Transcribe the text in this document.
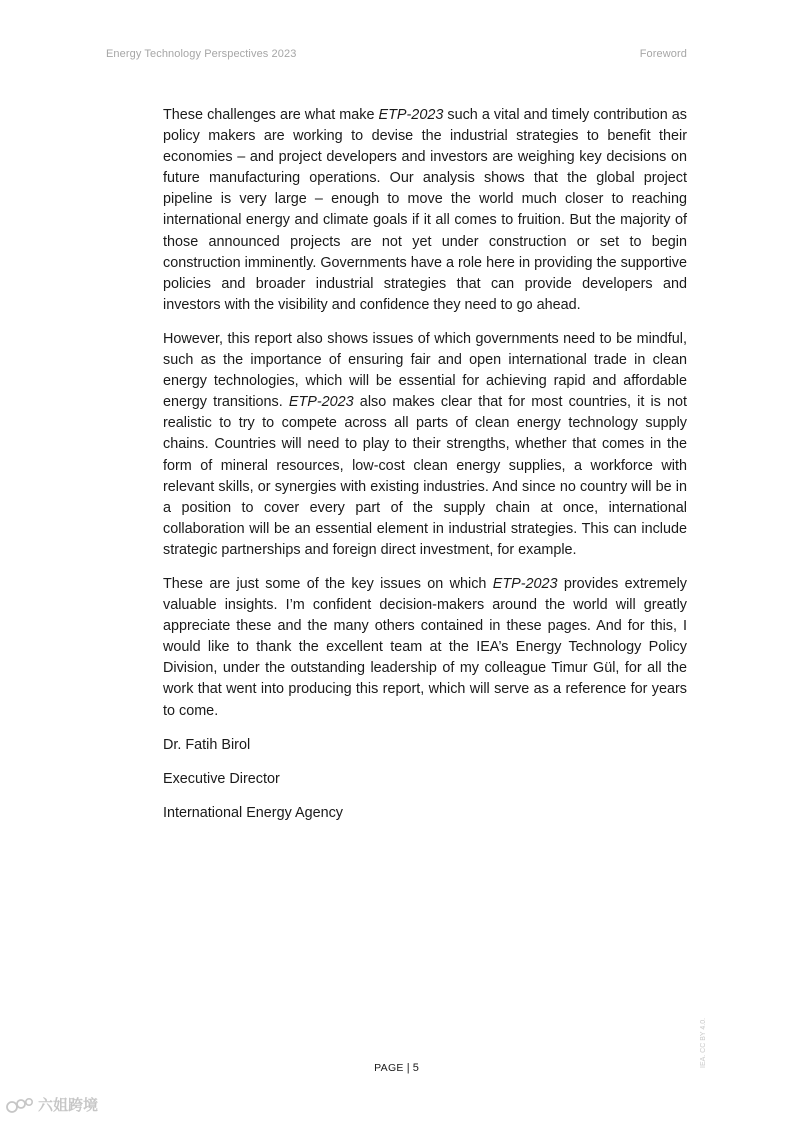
Energy Technology Perspectives 2023	Foreword

These challenges are what make ETP-2023 such a vital and timely contribution as policy makers are working to devise the industrial strategies to benefit their economies – and project developers and investors are weighing key decisions on future manufacturing operations. Our analysis shows that the global project pipeline is very large – enough to move the world much closer to reaching international energy and climate goals if it all comes to fruition. But the majority of those announced projects are not yet under construction or set to begin construction imminently. Governments have a role here in providing the supportive policies and broader industrial strategies that can provide developers and investors with the visibility and confidence they need to go ahead.

However, this report also shows issues of which governments need to be mindful, such as the importance of ensuring fair and open international trade in clean energy technologies, which will be essential for achieving rapid and affordable energy transitions. ETP-2023 also makes clear that for most countries, it is not realistic to try to compete across all parts of clean energy technology supply chains. Countries will need to play to their strengths, whether that comes in the form of mineral resources, low-cost clean energy supplies, a workforce with relevant skills, or synergies with existing industries. And since no country will be in a position to cover every part of the supply chain at once, international collaboration will be an essential element in industrial strategies. This can include strategic partnerships and foreign direct investment, for example.

These are just some of the key issues on which ETP-2023 provides extremely valuable insights. I’m confident decision-makers around the world will greatly appreciate these and the many others contained in these pages. And for this, I would like to thank the excellent team at the IEA’s Energy Technology Policy Division, under the outstanding leadership of my colleague Timur Gül, for all the work that went into producing this report, which will serve as a reference for years to come.

Dr. Fatih Birol

Executive Director

International Energy Agency

PAGE | 5	IEA. CC BY 4.0.
六姐跨境
